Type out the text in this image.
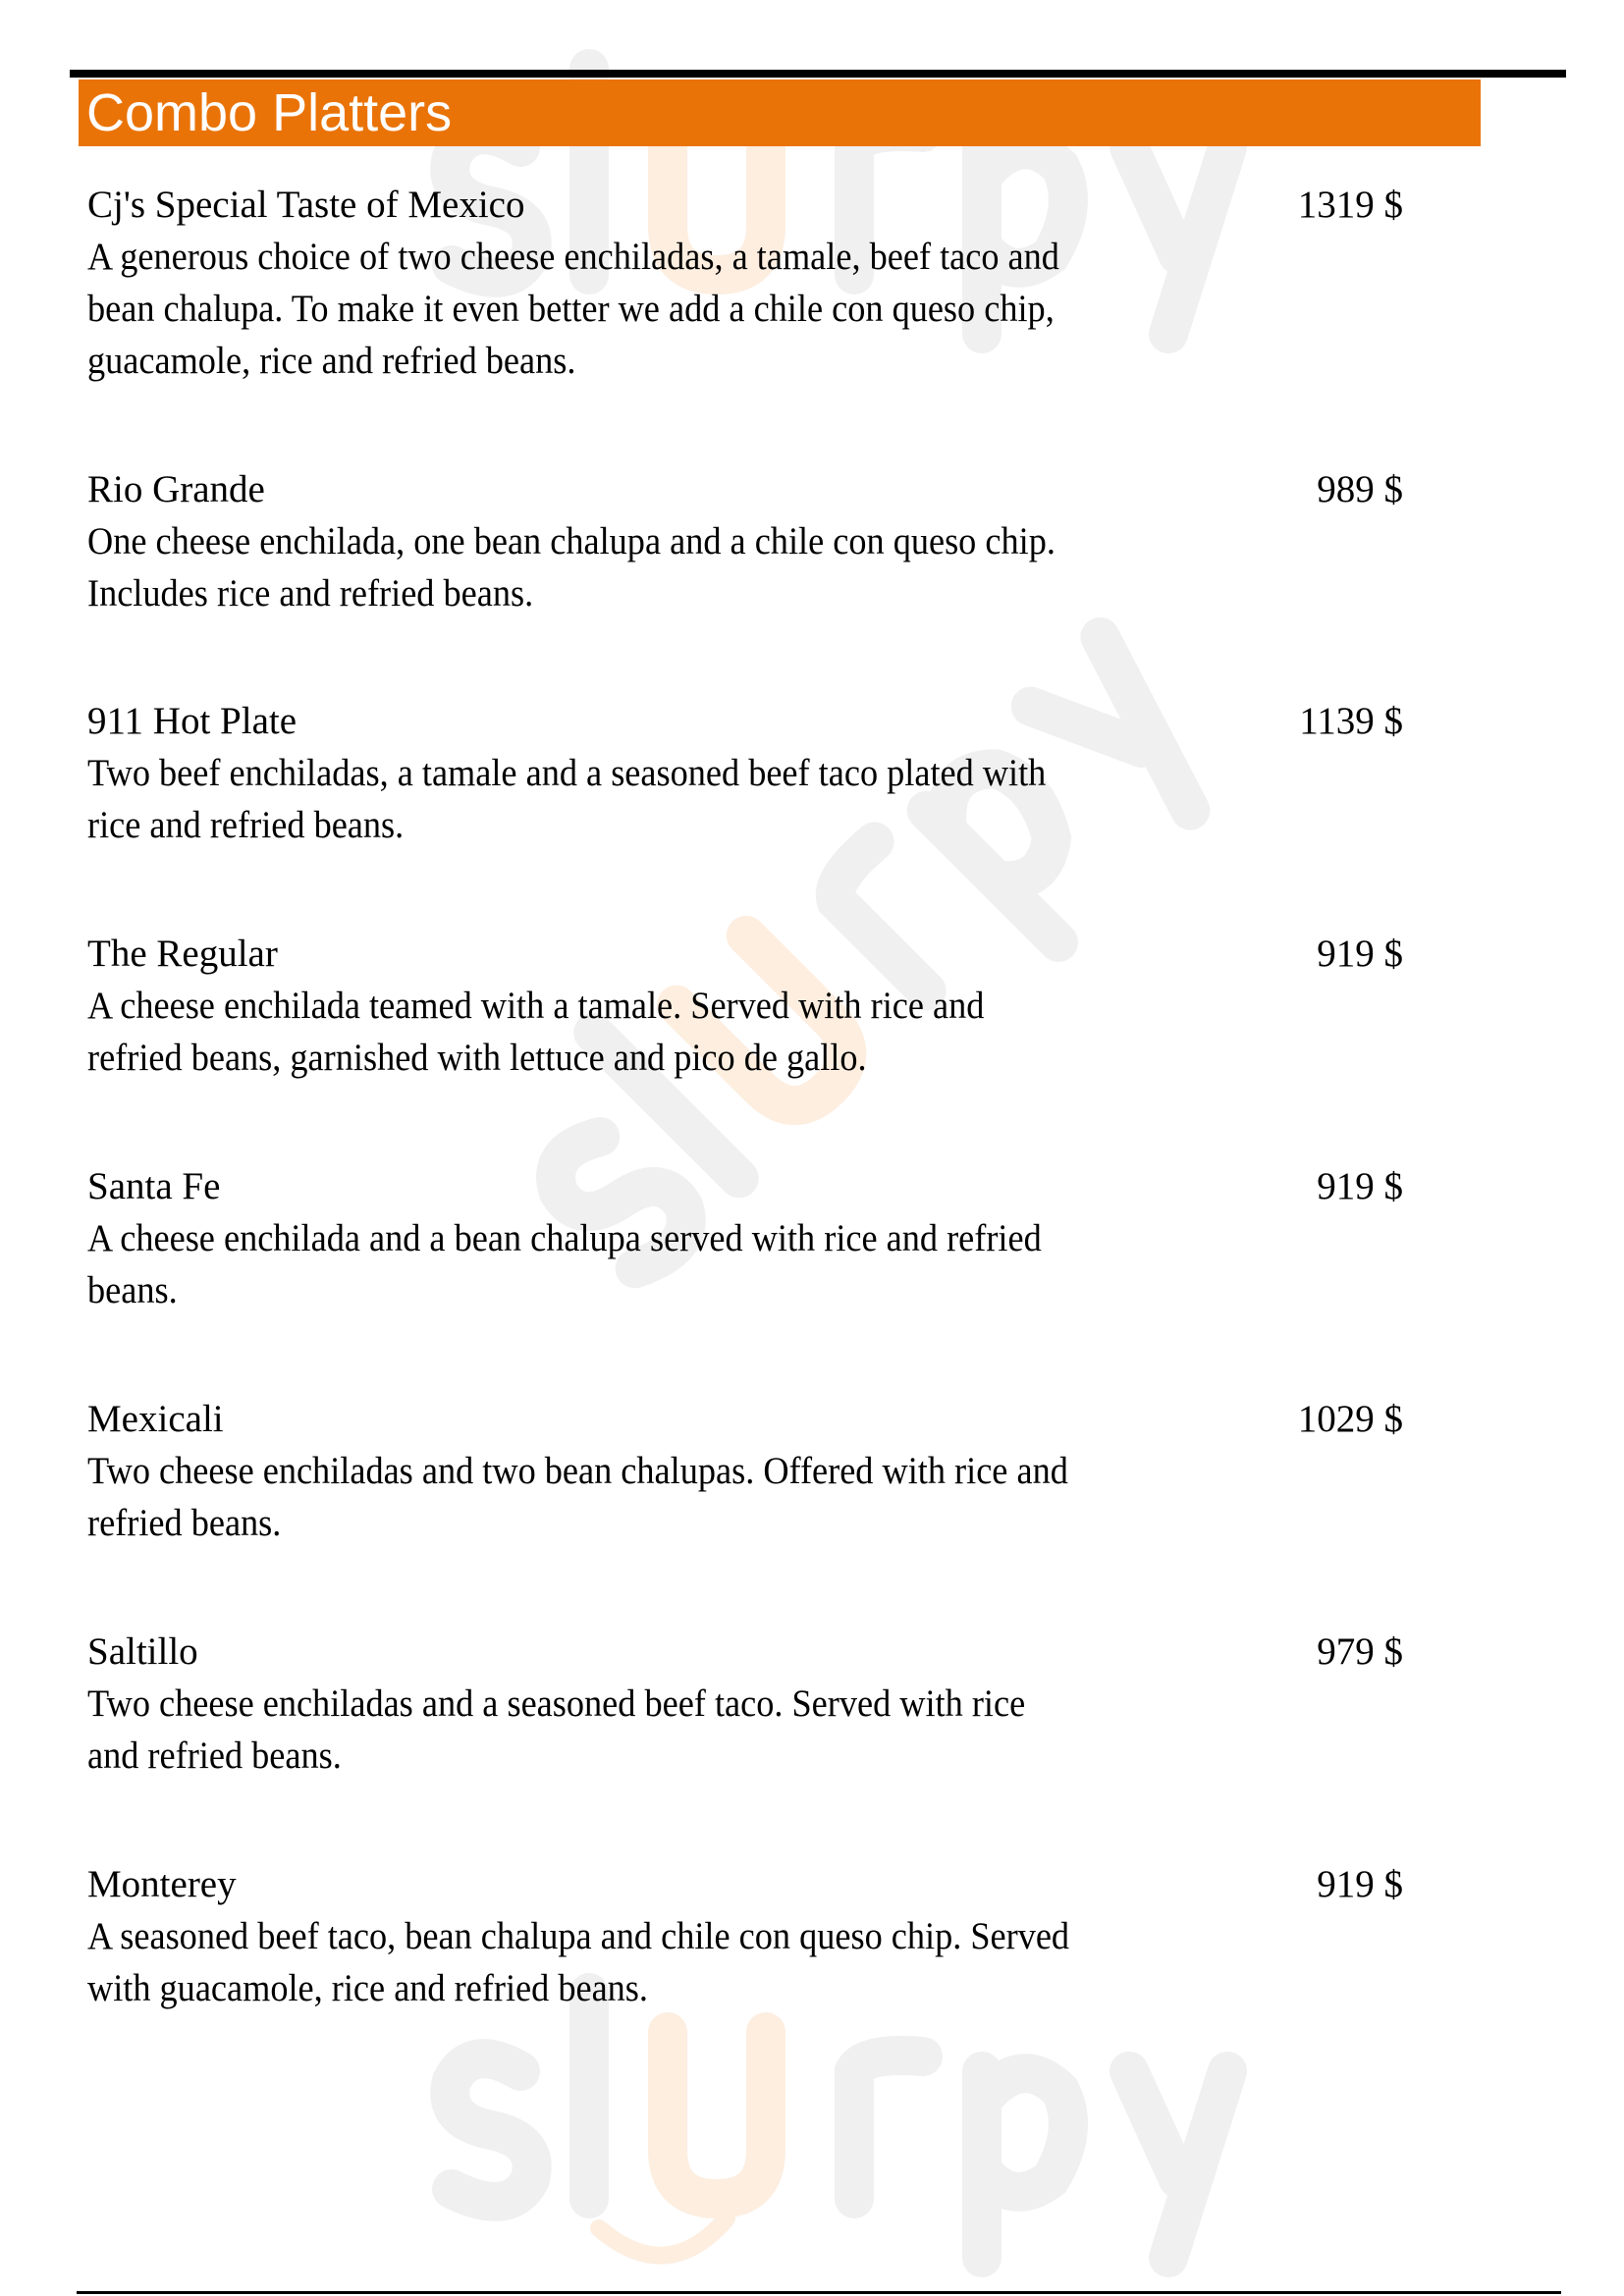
Combo Platters
Cj's Special Taste of Mexico	1319 $
A generous choice of two cheese enchiladas, a tamale, beef taco and
bean chalupa. To make it even better we add a chile con queso chip,
guacamole, rice and refried beans.
Rio Grande	989 $
One cheese enchilada, one bean chalupa and a chile con queso chip.
Includes rice and refried beans.
911 Hot Plate	1139 $
Two beef enchiladas, a tamale and a seasoned beef taco plated with
rice and refried beans.
The Regular	919 $
A cheese enchilada teamed with a tamale. Served with rice and
refried beans, garnished with lettuce and pico de gallo.
Santa Fe	919 $
A cheese enchilada and a bean chalupa served with rice and refried
beans.
Mexicali	1029 $
Two cheese enchiladas and two bean chalupas. Offered with rice and
refried beans.
Saltillo	979 $
Two cheese enchiladas and a seasoned beef taco. Served with rice
and refried beans.
Monterey	919 $
A seasoned beef taco, bean chalupa and chile con queso chip. Served
with guacamole, rice and refried beans.
